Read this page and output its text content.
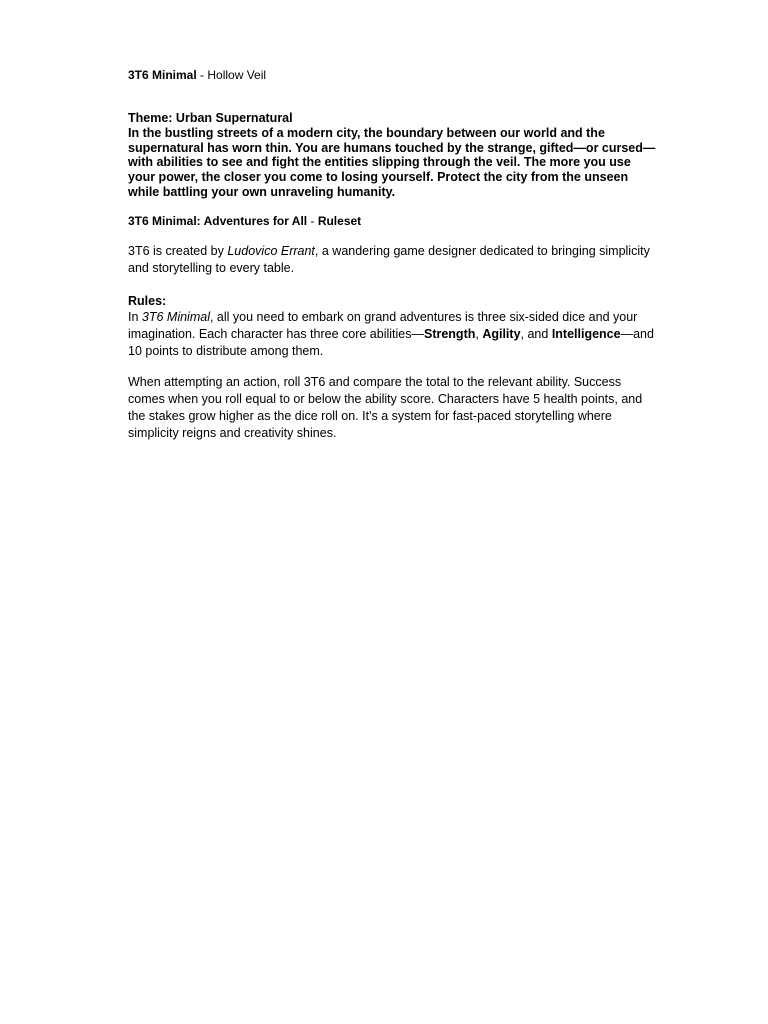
3T6 Minimal - Hollow Veil

Theme: Urban Supernatural

In the bustling streets of a modern city, the boundary between our world and the supernatural has worn thin. You are humans touched by the strange, gifted—or cursed—with abilities to see and fight the entities slipping through the veil. The more you use your power, the closer you come to losing yourself. Protect the city from the unseen while battling your own unraveling humanity.

3T6 Minimal: Adventures for All - Ruleset

3T6 is created by Ludovico Errant, a wandering game designer dedicated to bringing simplicity and storytelling to every table.

Rules:

In 3T6 Minimal, all you need to embark on grand adventures is three six-sided dice and your imagination. Each character has three core abilities—Strength, Agility, and Intelligence—and 10 points to distribute among them.

When attempting an action, roll 3T6 and compare the total to the relevant ability. Success comes when you roll equal to or below the ability score. Characters have 5 health points, and the stakes grow higher as the dice roll on. It's a system for fast-paced storytelling where simplicity reigns and creativity shines.
